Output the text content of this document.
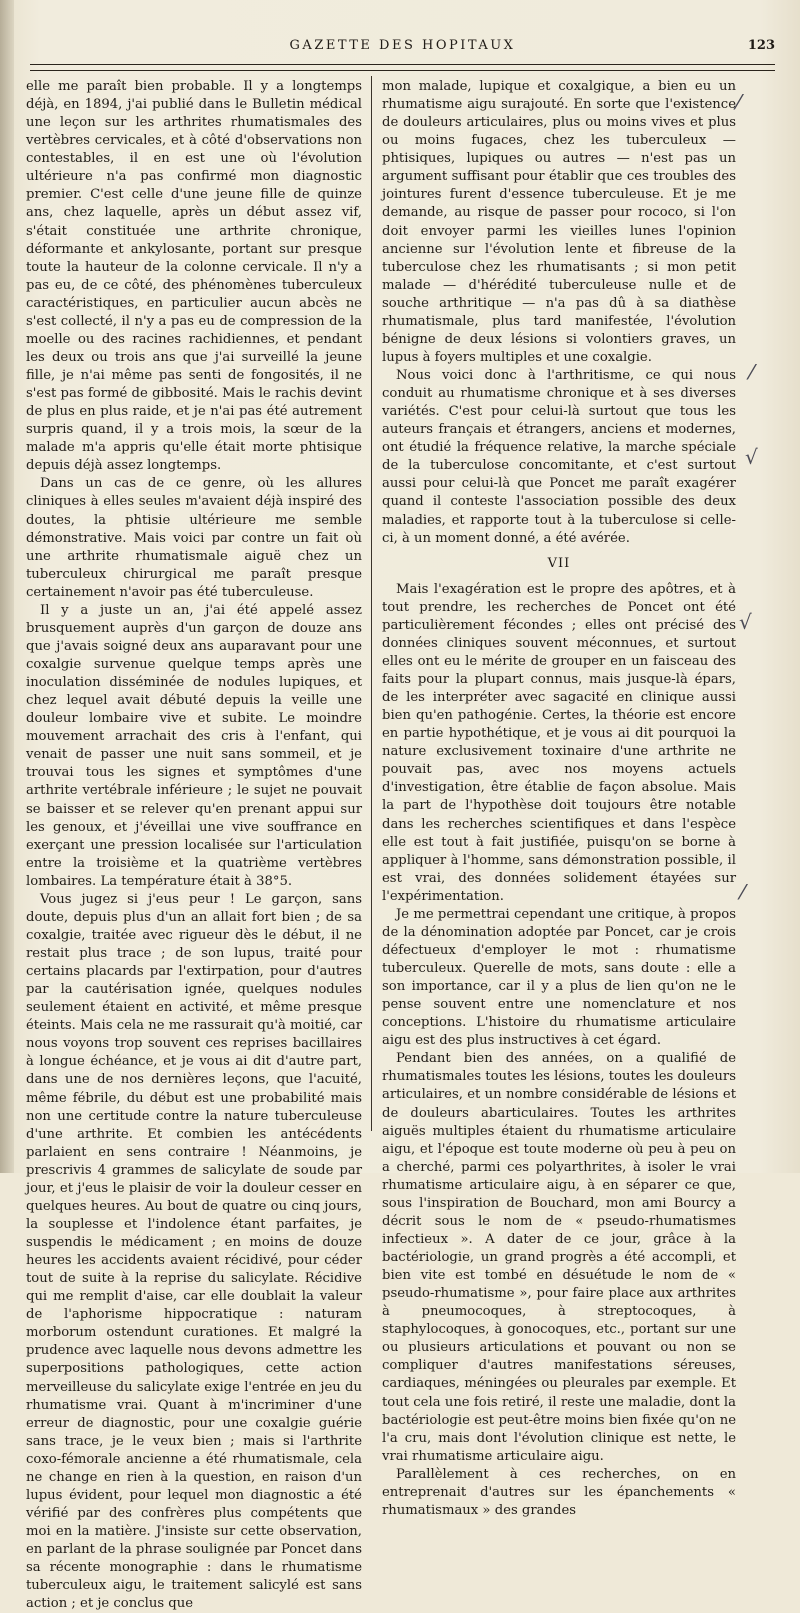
GAZETTE DES HOPITAUX	123

elle me paraît bien probable. Il y a longtemps déjà, en 1894, j'ai publié dans le Bulletin médical une leçon sur les arthrites rhumatismales des vertèbres cervicales, et à côté d'observations non contestables, il en est une où l'évolution ultérieure n'a pas confirmé mon diagnostic premier. C'est celle d'une jeune fille de quinze ans, chez laquelle, après un début assez vif, s'était constituée une arthrite chronique, déformante et ankylosante, portant sur presque toute la hauteur de la colonne cervicale. Il n'y a pas eu, de ce côté, des phénomènes tuberculeux caractéristiques, en particulier aucun abcès ne s'est collecté, il n'y a pas eu de compression de la moelle ou des racines rachidiennes, et pendant les deux ou trois ans que j'ai surveillé la jeune fille, je n'ai même pas senti de fongosités, il ne s'est pas formé de gibbosité. Mais le rachis devint de plus en plus raide, et je n'ai pas été autrement surpris quand, il y a trois mois, la sœur de la malade m'a appris qu'elle était morte phtisique depuis déjà assez longtemps.

Dans un cas de ce genre, où les allures cliniques à elles seules m'avaient déjà inspiré des doutes, la phtisie ultérieure me semble démonstrative. Mais voici par contre un fait où une arthrite rhumatismale aiguë chez un tuberculeux chirurgical me paraît presque certainement n'avoir pas été tuberculeuse.

Il y a juste un an, j'ai été appelé assez brusquement auprès d'un garçon de douze ans que j'avais soigné deux ans auparavant pour une coxalgie survenue quelque temps après une inoculation disséminée de nodules lupiques, et chez lequel avait débuté depuis la veille une douleur lombaire vive et subite. Le moindre mouvement arrachait des cris à l'enfant, qui venait de passer une nuit sans sommeil, et je trouvai tous les signes et symptômes d'une arthrite vertébrale inférieure ; le sujet ne pouvait se baisser et se relever qu'en prenant appui sur les genoux, et j'éveillai une vive souffrance en exerçant une pression localisée sur l'articulation entre la troisième et la quatrième vertèbres lombaires. La température était à 38°5.

Vous jugez si j'eus peur ! Le garçon, sans doute, depuis plus d'un an allait fort bien ; de sa coxalgie, traitée avec rigueur dès le début, il ne restait plus trace ; de son lupus, traité pour certains placards par l'extirpation, pour d'autres par la cautérisation ignée, quelques nodules seulement étaient en activité, et même presque éteints. Mais cela ne me rassurait qu'à moitié, car nous voyons trop souvent ces reprises bacillaires à longue échéance, et je vous ai dit d'autre part, dans une de nos dernières leçons, que l'acuité, même fébrile, du début est une probabilité mais non une certitude contre la nature tuberculeuse d'une arthrite. Et combien les antécédents parlaient en sens contraire ! Néanmoins, je prescrivis 4 grammes de salicylate de soude par jour, et j'eus le plaisir de voir la douleur cesser en quelques heures. Au bout de quatre ou cinq jours, la souplesse et l'indolence étant parfaites, je suspendis le médicament ; en moins de douze heures les accidents avaient récidivé, pour céder tout de suite à la reprise du salicylate. Récidive qui me remplit d'aise, car elle doublait la valeur de l'aphorisme hippocratique : naturam morborum ostendunt curationes. Et malgré la prudence avec laquelle nous devons admettre les superpositions pathologiques, cette action merveilleuse du salicylate exige l'entrée en jeu du rhumatisme vrai. Quant à m'incriminer d'une erreur de diagnostic, pour une coxalgie guérie sans trace, je le veux bien ; mais si l'arthrite coxo-fémorale ancienne a été rhumatismale, cela ne change en rien à la question, en raison d'un lupus évident, pour lequel mon diagnostic a été vérifié par des confrères plus compétents que moi en la matière. J'insiste sur cette observation, en parlant de la phrase soulignée par Poncet dans sa récente monographie : dans le rhumatisme tuberculeux aigu, le traitement salicylé est sans action ; et je conclus que

mon malade, lupique et coxalgique, a bien eu un rhumatisme aigu surajouté. En sorte que l'existence de douleurs articulaires, plus ou moins vives et plus ou moins fugaces, chez les tuberculeux — phtisiques, lupiques ou autres — n'est pas un argument suffisant pour établir que ces troubles des jointures furent d'essence tuberculeuse. Et je me demande, au risque de passer pour rococo, si l'on doit envoyer parmi les vieilles lunes l'opinion ancienne sur l'évolution lente et fibreuse de la tuberculose chez les rhumatisants ; si mon petit malade — d'hérédité tuberculeuse nulle et de souche arthritique — n'a pas dû à sa diathèse rhumatismale, plus tard manifestée, l'évolution bénigne de deux lésions si volontiers graves, un lupus à foyers multiples et une coxalgie.

Nous voici donc à l'arthritisme, ce qui nous conduit au rhumatisme chronique et à ses diverses variétés. C'est pour celui-là surtout que tous les auteurs français et étrangers, anciens et modernes, ont étudié la fréquence relative, la marche spéciale de la tuberculose concomitante, et c'est surtout aussi pour celui-là que Poncet me paraît exagérer quand il conteste l'association possible des deux maladies, et rapporte tout à la tuberculose si celle-ci, à un moment donné, a été avérée.

VII

Mais l'exagération est le propre des apôtres, et à tout prendre, les recherches de Poncet ont été particulièrement fécondes ; elles ont précisé des données cliniques souvent méconnues, et surtout elles ont eu le mérite de grouper en un faisceau des faits pour la plupart connus, mais jusque-là épars, de les interpréter avec sagacité en clinique aussi bien qu'en pathogénie. Certes, la théorie est encore en partie hypothétique, et je vous ai dit pourquoi la nature exclusivement toxinaire d'une arthrite ne pouvait pas, avec nos moyens actuels d'investigation, être établie de façon absolue. Mais la part de l'hypothèse doit toujours être notable dans les recherches scientifiques et dans l'espèce elle est tout à fait justifiée, puisqu'on se borne à appliquer à l'homme, sans démonstration possible, il est vrai, des données solidement étayées sur l'expérimentation.

Je me permettrai cependant une critique, à propos de la dénomination adoptée par Poncet, car je crois défectueux d'employer le mot : rhumatisme tuberculeux. Querelle de mots, sans doute : elle a son importance, car il y a plus de lien qu'on ne le pense souvent entre une nomenclature et nos conceptions. L'histoire du rhumatisme articulaire aigu est des plus instructives à cet égard.

Pendant bien des années, on a qualifié de rhumatismales toutes les lésions, toutes les douleurs articulaires, et un nombre considérable de lésions et de douleurs abarticulaires. Toutes les arthrites aiguës multiples étaient du rhumatisme articulaire aigu, et l'époque est toute moderne où peu à peu on a cherché, parmi ces polyarthrites, à isoler le vrai rhumatisme articulaire aigu, à en séparer ce que, sous l'inspiration de Bouchard, mon ami Bourcy a décrit sous le nom de « pseudo-rhumatismes infectieux ». A dater de ce jour, grâce à la bactériologie, un grand progrès a été accompli, et bien vite est tombé en désuétude le nom de « pseudo-rhumatisme », pour faire place aux arthrites à pneumocoques, à streptocoques, à staphylocoques, à gonocoques, etc., portant sur une ou plusieurs articulations et pouvant ou non se compliquer d'autres manifestations séreuses, cardiaques, méningées ou pleurales par exemple. Et tout cela une fois retiré, il reste une maladie, dont la bactériologie est peut-être moins bien fixée qu'on ne l'a cru, mais dont l'évolution clinique est nette, le vrai rhumatisme articulaire aigu.

Parallèlement à ces recherches, on en entreprenait d'autres sur les épanchements « rhumatismaux » des grandes

⁄
√
√
⁄
⁄
